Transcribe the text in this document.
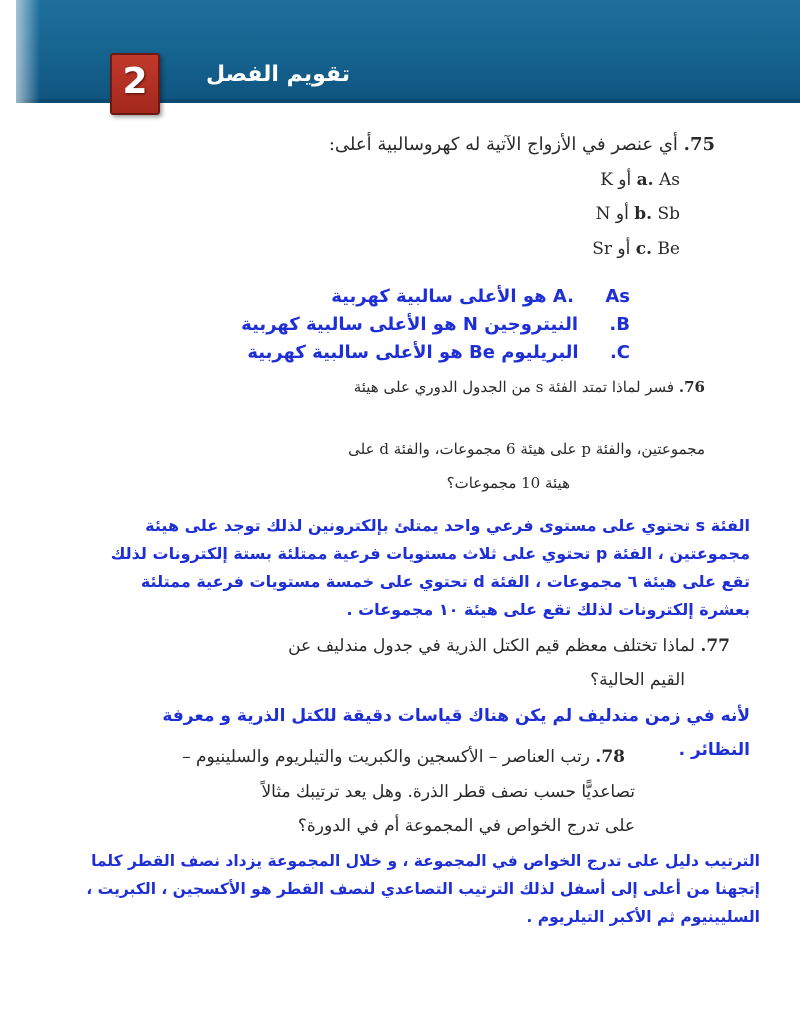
2	تقويم الفصل
75. أي عنصر في الأزواج الآتية له كهروسالبية أعلى:
a. As أو K
b. Sb أو N
c. Be أو Sr
A.     As هو الأعلى سالبية كهربية
B.     النيتروجين N هو الأعلى سالبية كهربية
C.     البريليوم Be هو الأعلى سالبية كهربية
76. فسر لماذا تمتد الفئة s من الجدول الدوري على هيئة
مجموعتين، والفئة p على هيئة 6 مجموعات، والفئة d على
هيئة 10 مجموعات؟
الفئة s تحتوي على مستوى فرعي واحد يمتلئ بإلكترونين لذلك توجد على هيئة
مجموعتين ، الفئة p تحتوي على ثلاث مستويات فرعية ممتلئة بستة إلكترونات لذلك
تقع على هيئة ٦ مجموعات ، الفئة d تحتوي على خمسة مستويات فرعية ممتلئة
بعشرة إلكترونات لذلك تقع على هيئة ١٠ مجموعات .
77. لماذا تختلف معظم قيم الكتل الذرية في جدول مندليف عن
القيم الحالية؟
لأنه في زمن مندليف لم يكن هناك قياسات دقيقة للكتل الذرية و معرفة
النظائر .
78. رتب العناصر – الأكسجين والكبريت والتيلريوم والسلينيوم –
تصاعديًّا حسب نصف قطر الذرة. وهل يعد ترتيبك مثالاً
على تدرج الخواص في المجموعة أم في الدورة؟
الترتيب دليل على تدرج الخواص في المجموعة ، و خلال المجموعة يزداد نصف القطر كلما
إتجهنا من أعلى إلى أسفل لذلك الترتيب التصاعدي لنصف القطر هو الأكسجين ، الكبريت ،
السليينيوم ثم الأكبر التيلريوم .
